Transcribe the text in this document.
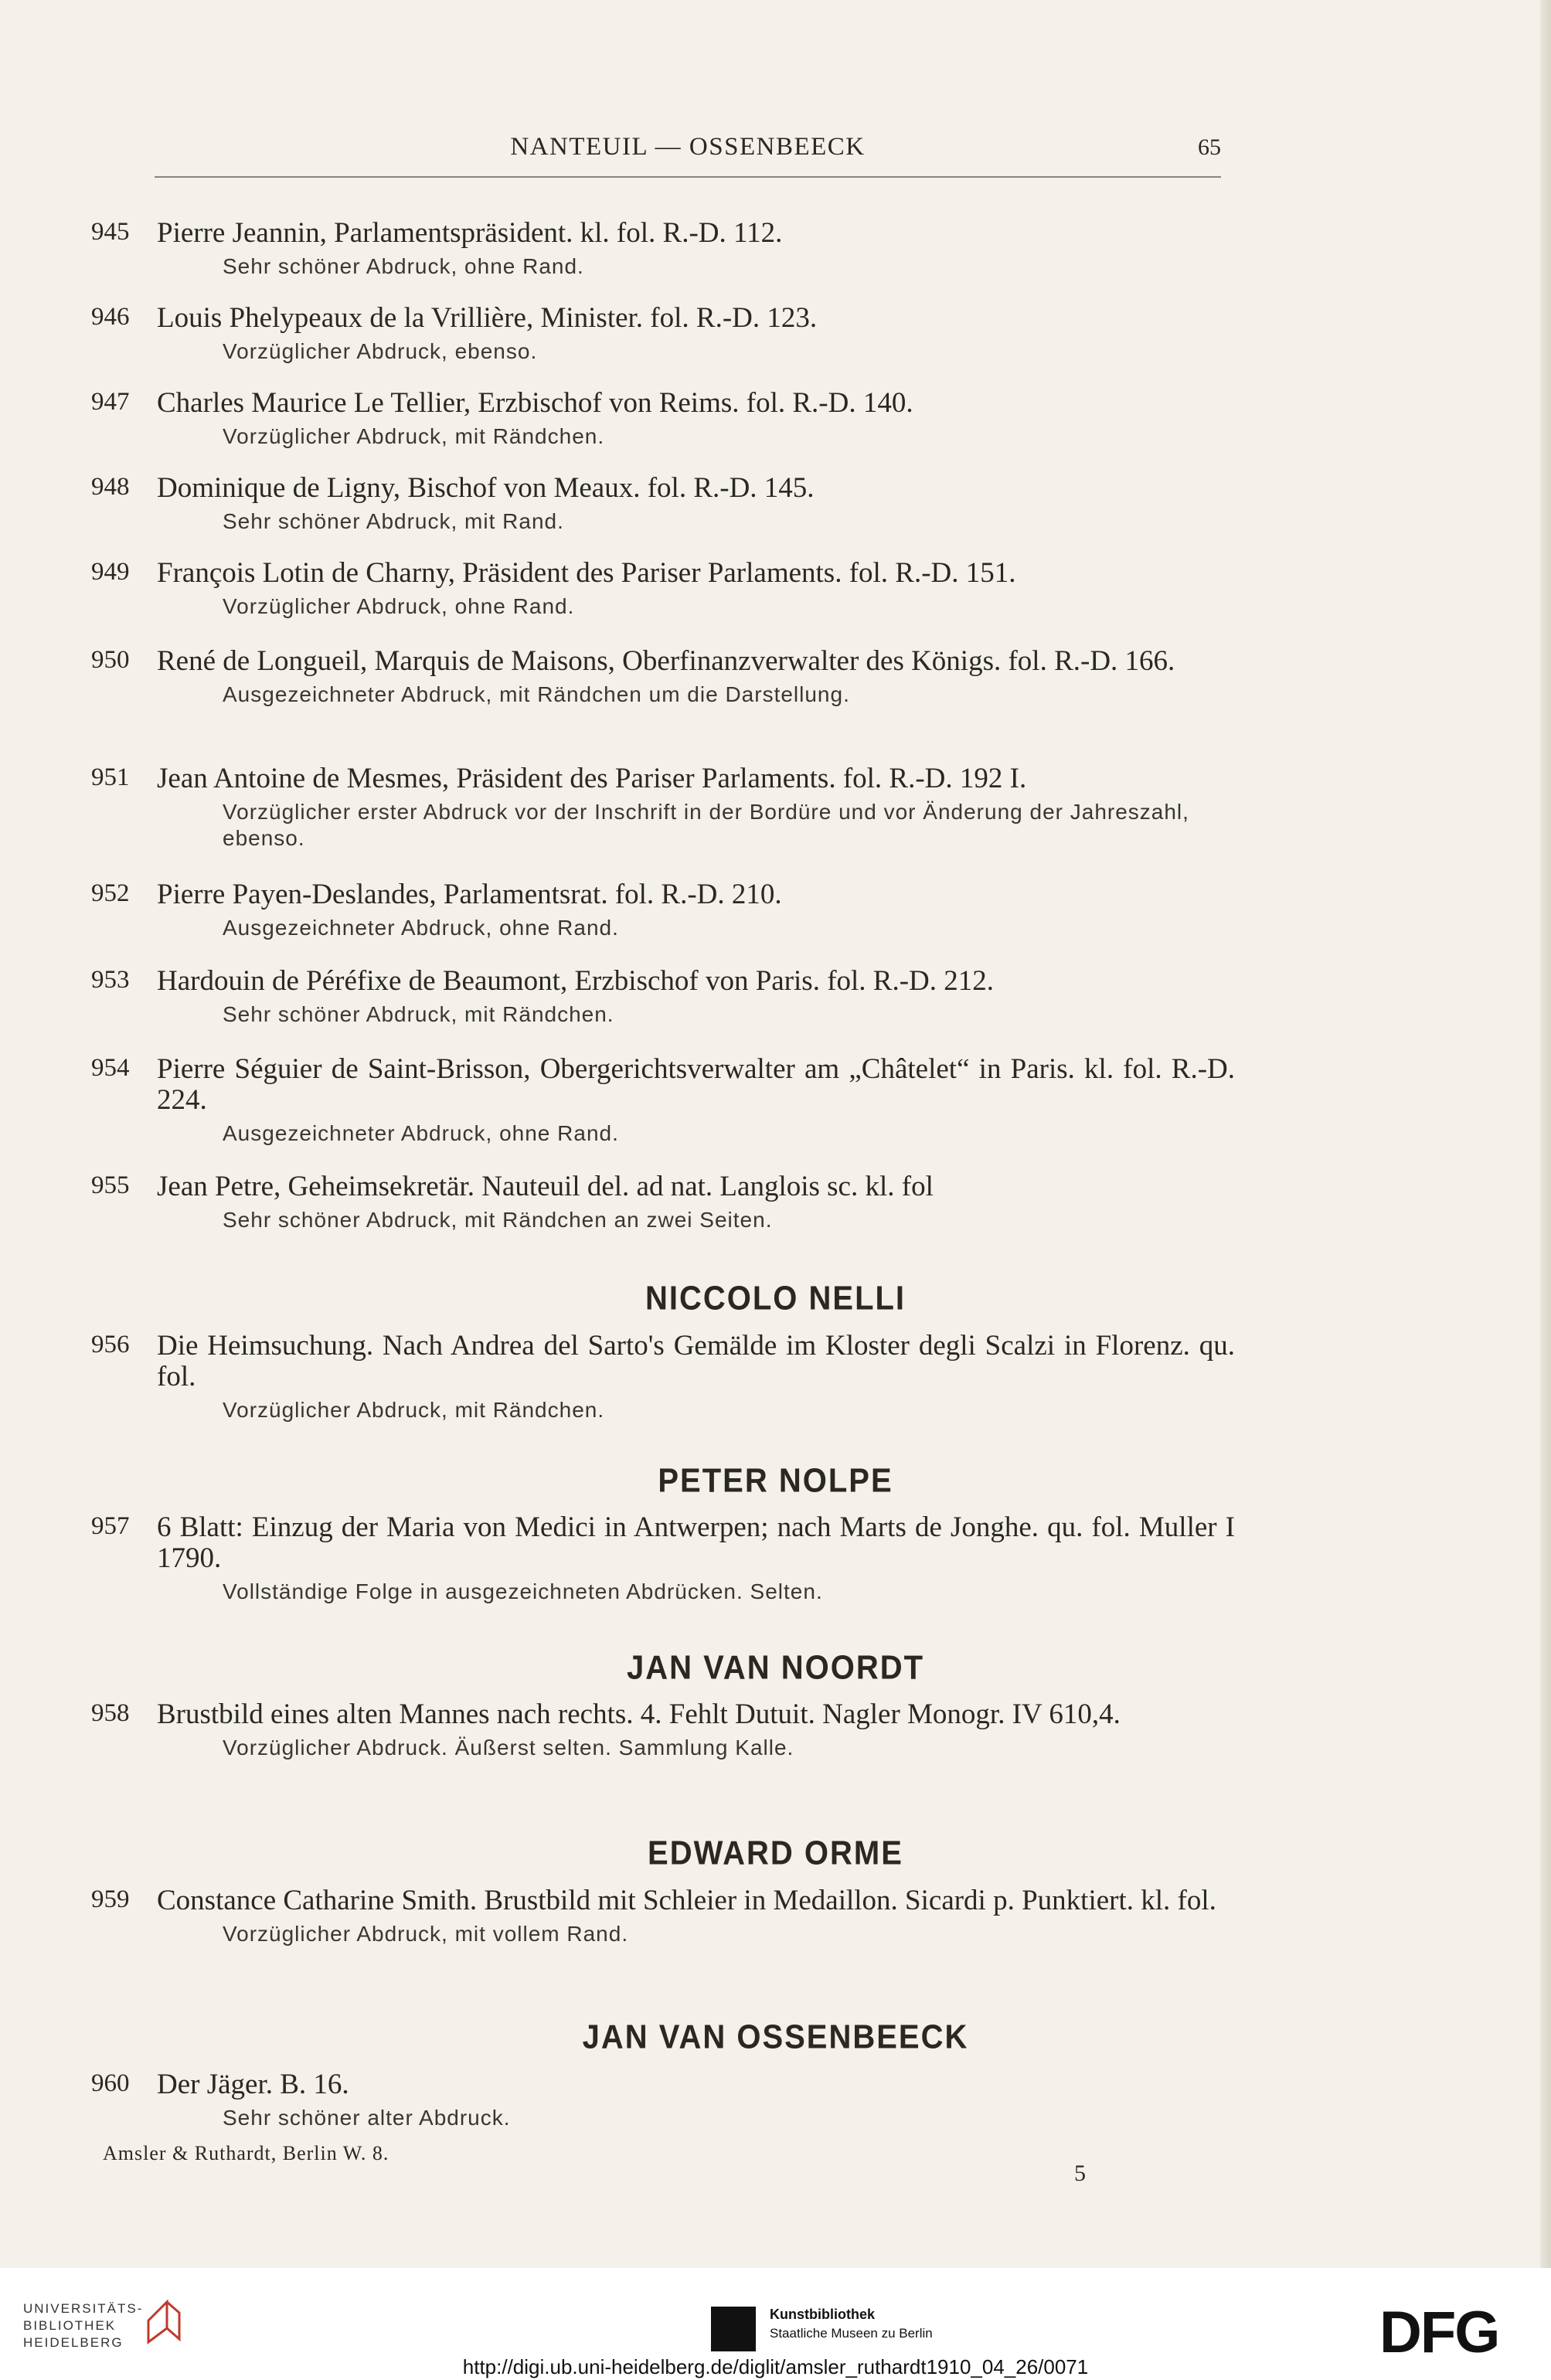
NANTEUIL — OSSENBEECK	65
945 Pierre Jeannin, Parlamentspräsident. kl. fol. R.-D. 112.
Sehr schöner Abdruck, ohne Rand.
946 Louis Phelypeaux de la Vrillière, Minister. fol. R.-D. 123.
Vorzüglicher Abdruck, ebenso.
947 Charles Maurice Le Tellier, Erzbischof von Reims. fol. R.-D. 140.
Vorzüglicher Abdruck, mit Rändchen.
948 Dominique de Ligny, Bischof von Meaux. fol. R.-D. 145.
Sehr schöner Abdruck, mit Rand.
949 François Lotin de Charny, Präsident des Pariser Parlaments. fol. R.-D. 151.
Vorzüglicher Abdruck, ohne Rand.
950 René de Longueil, Marquis de Maisons, Oberfinanzverwalter des Königs. fol. R.-D. 166.
Ausgezeichneter Abdruck, mit Rändchen um die Darstellung.
951 Jean Antoine de Mesmes, Präsident des Pariser Parlaments. fol. R.-D. 192 I.
Vorzüglicher erster Abdruck vor der Inschrift in der Bordüre und vor Änderung der Jahreszahl, ebenso.
952 Pierre Payen-Deslandes, Parlamentsrat. fol. R.-D. 210.
Ausgezeichneter Abdruck, ohne Rand.
953 Hardouin de Péréfixe de Beaumont, Erzbischof von Paris. fol. R.-D. 212.
Sehr schöner Abdruck, mit Rändchen.
954 Pierre Séguier de Saint-Brisson, Obergerichtsverwalter am „Châtelet“ in Paris. kl. fol. R.-D. 224.
Ausgezeichneter Abdruck, ohne Rand.
955 Jean Petre, Geheimsekretär. Nauteuil del. ad nat. Langlois sc. kl. fol
Sehr schöner Abdruck, mit Rändchen an zwei Seiten.
NICCOLO NELLI
956 Die Heimsuchung. Nach Andrea del Sarto's Gemälde im Kloster degli Scalzi in Florenz. qu. fol.
Vorzüglicher Abdruck, mit Rändchen.
PETER NOLPE
957 6 Blatt: Einzug der Maria von Medici in Antwerpen; nach Marts de Jonghe. qu. fol. Muller I 1790.
Vollständige Folge in ausgezeichneten Abdrücken. Selten.
JAN VAN NOORDT
958 Brustbild eines alten Mannes nach rechts. 4. Fehlt Dutuit. Nagler Monogr. IV 610,4.
Vorzüglicher Abdruck. Äußerst selten. Sammlung Kalle.
EDWARD ORME
959 Constance Catharine Smith. Brustbild mit Schleier in Medaillon. Sicardi p. Punktiert. kl. fol.
Vorzüglicher Abdruck, mit vollem Rand.
JAN VAN OSSENBEECK
960 Der Jäger. B. 16.
Sehr schöner alter Abdruck.
Amsler & Ruthardt, Berlin W. 8.
5
UNIVERSITÄTS-
BIBLIOTHEK
HEIDELBERG
Kunstbibliothek
Staatliche Museen zu Berlin	DFG
http://digi.ub.uni-heidelberg.de/diglit/amsler_ruthardt1910_04_26/0071
